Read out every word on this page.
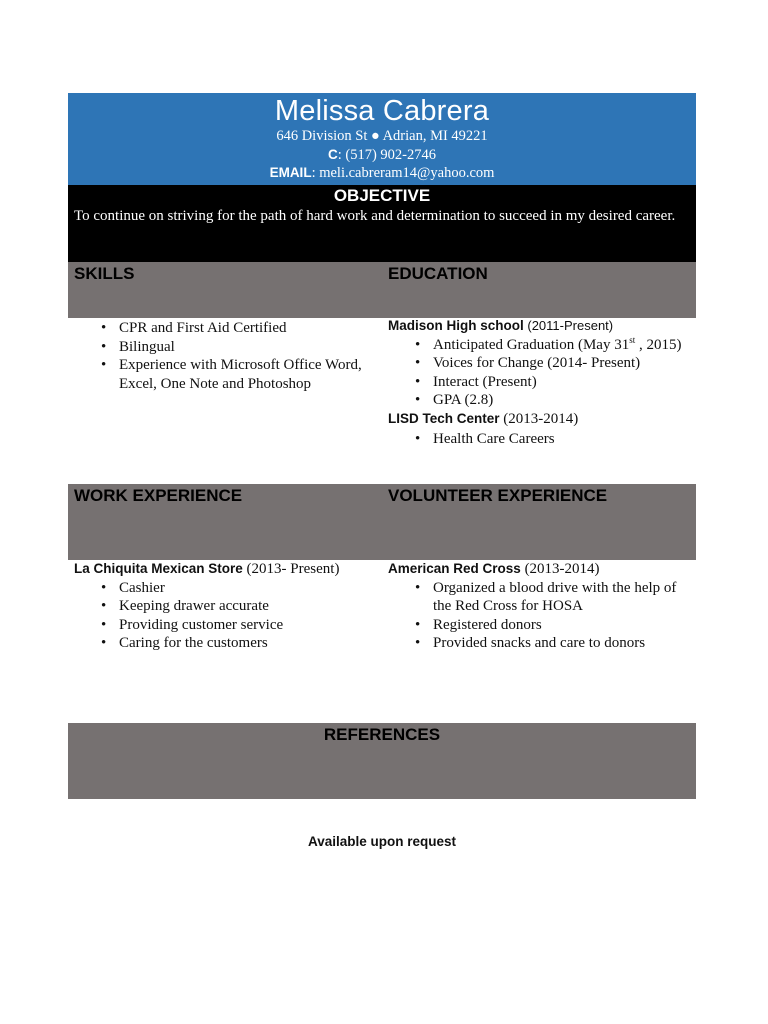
Melissa Cabrera
646 Division St ● Adrian, MI 49221
C: (517) 902-2746
EMAIL: meli.cabreram14@yahoo.com
OBJECTIVE
To continue on striving for the path of hard work and determination to succeed in my desired career.
SKILLS	EDUCATION
• CPR and First Aid Certified
• Bilingual
• Experience with Microsoft Office Word, Excel, One Note and Photoshop
Madison High school (2011-Present)
• Anticipated Graduation (May 31st , 2015)
• Voices for Change (2014- Present)
• Interact (Present)
• GPA (2.8)
LISD Tech Center (2013-2014)
• Health Care Careers
WORK EXPERIENCE	VOLUNTEER EXPERIENCE
La Chiquita Mexican Store (2013- Present)
• Cashier
• Keeping drawer accurate
• Providing customer service
• Caring for the customers
American Red Cross (2013-2014)
• Organized a blood drive with the help of the Red Cross for HOSA
• Registered donors
• Provided snacks and care to donors
REFERENCES
Available upon request
